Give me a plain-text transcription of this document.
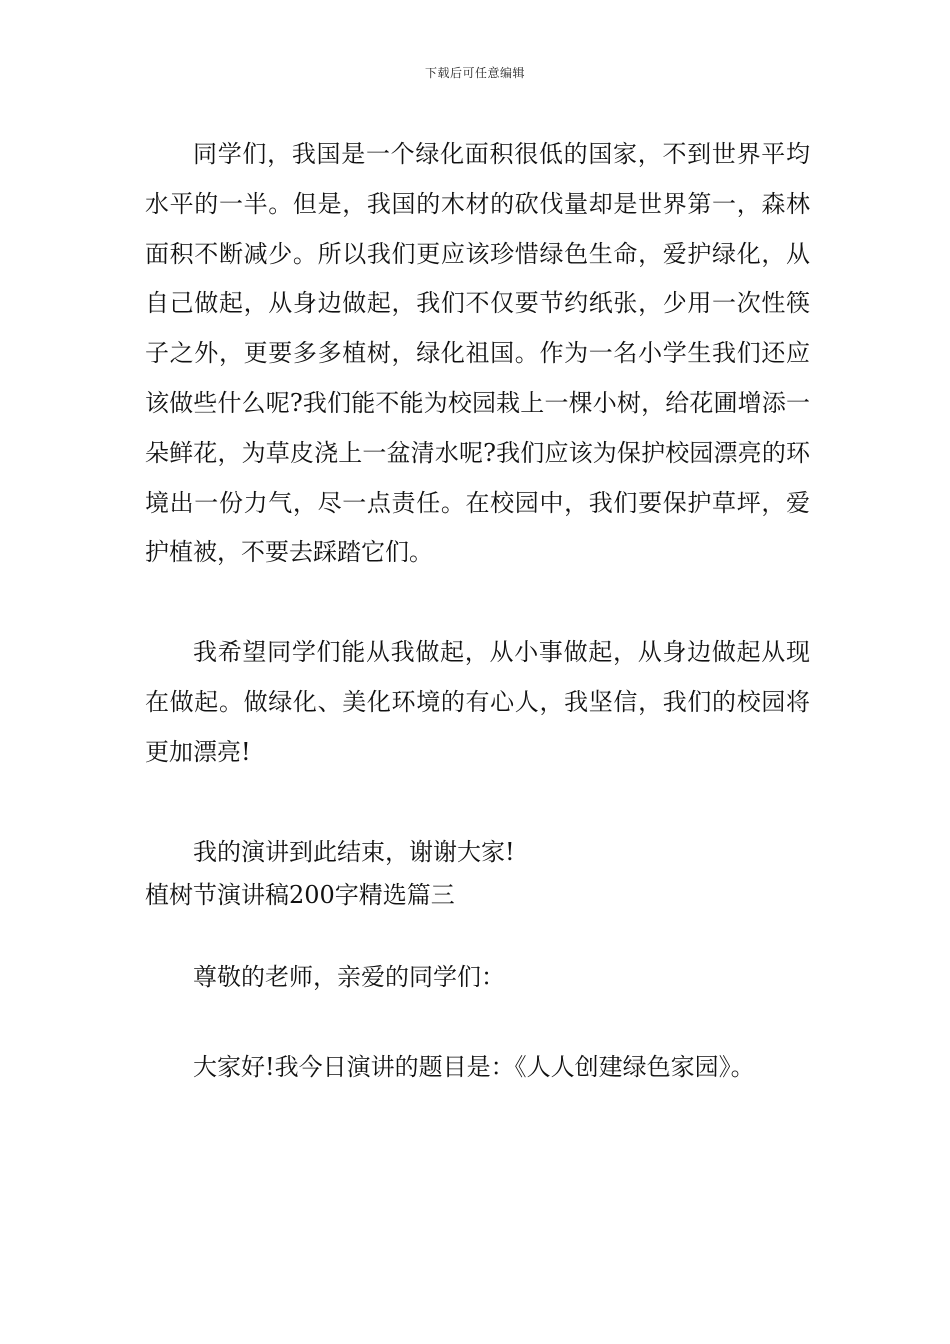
下载后可任意编辑

同学们，我国是一个绿化面积很低的国家，不到世界平均水平的一半。但是，我国的木材的砍伐量却是世界第一，森林面积不断减少。所以我们更应该珍惜绿色生命，爱护绿化，从自己做起，从身边做起，我们不仅要节约纸张，少用一次性筷子之外，更要多多植树，绿化祖国。作为一名小学生我们还应该做些什么呢?我们能不能为校园栽上一棵小树，给花圃增添一朵鲜花，为草皮浇上一盆清水呢?我们应该为保护校园漂亮的环境出一份力气，尽一点责任。在校园中，我们要保护草坪，爱护植被，不要去踩踏它们。

我希望同学们能从我做起，从小事做起，从身边做起从现在做起。做绿化、美化环境的有心人，我坚信，我们的校园将更加漂亮!

我的演讲到此结束，谢谢大家!

植树节演讲稿200字精选篇三

尊敬的老师，亲爱的同学们：

大家好!我今日演讲的题目是：《人人创建绿色家园》。
